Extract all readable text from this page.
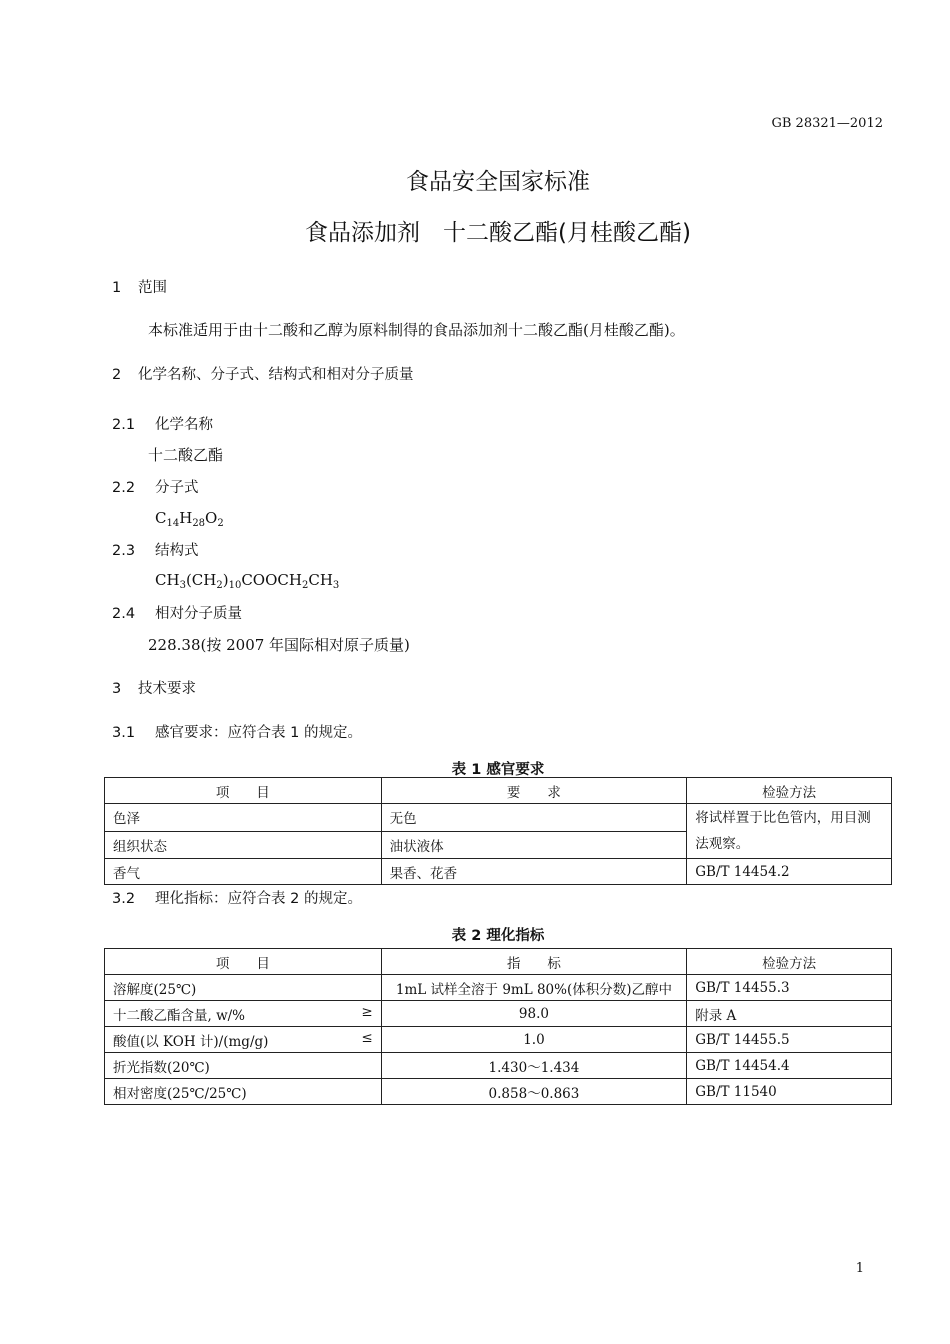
GB 28321—2012
食品安全国家标准
食品添加剂　十二酸乙酯(月桂酸乙酯)
1 范围
本标准适用于由十二酸和乙醇为原料制得的食品添加剂十二酸乙酯(月桂酸乙酯)。
2 化学名称、分子式、结构式和相对分子质量
2.1 化学名称
十二酸乙酯
2.2 分子式
$C_{14}H_{28}O_2$
2.3 结构式
$CH_3(CH_2)_{10}COOCH_2CH_3$
2.4 相对分子质量
228.38(按 2007 年国际相对原子质量)
3 技术要求
3.1 感官要求：应符合表 1 的规定。
表 1 感官要求
项　　目	要　　求	检验方法
色泽	无色	将试样置于比色管内，用目测法观察。
组织状态	油状液体	
香气	果香、花香	GB/T 14454.2
3.2 理化指标：应符合表 2 的规定。
表 2 理化指标
项　　目	指　　标	检验方法

溶解度(25℃)	1mL 试样全溶于 9mL 80%(体积分数)乙醇中	GB/T 14455.3

十二酸乙酯含量, w/% ≥	98.0	附录 A

酸值(以 KOH 计)/(mg/g) ≤	1.0	GB/T 14455.5

折光指数(20℃)	1.430～1.434	GB/T 14454.4

相对密度(25℃/25℃)	0.858～0.863	GB/T 11540
1
